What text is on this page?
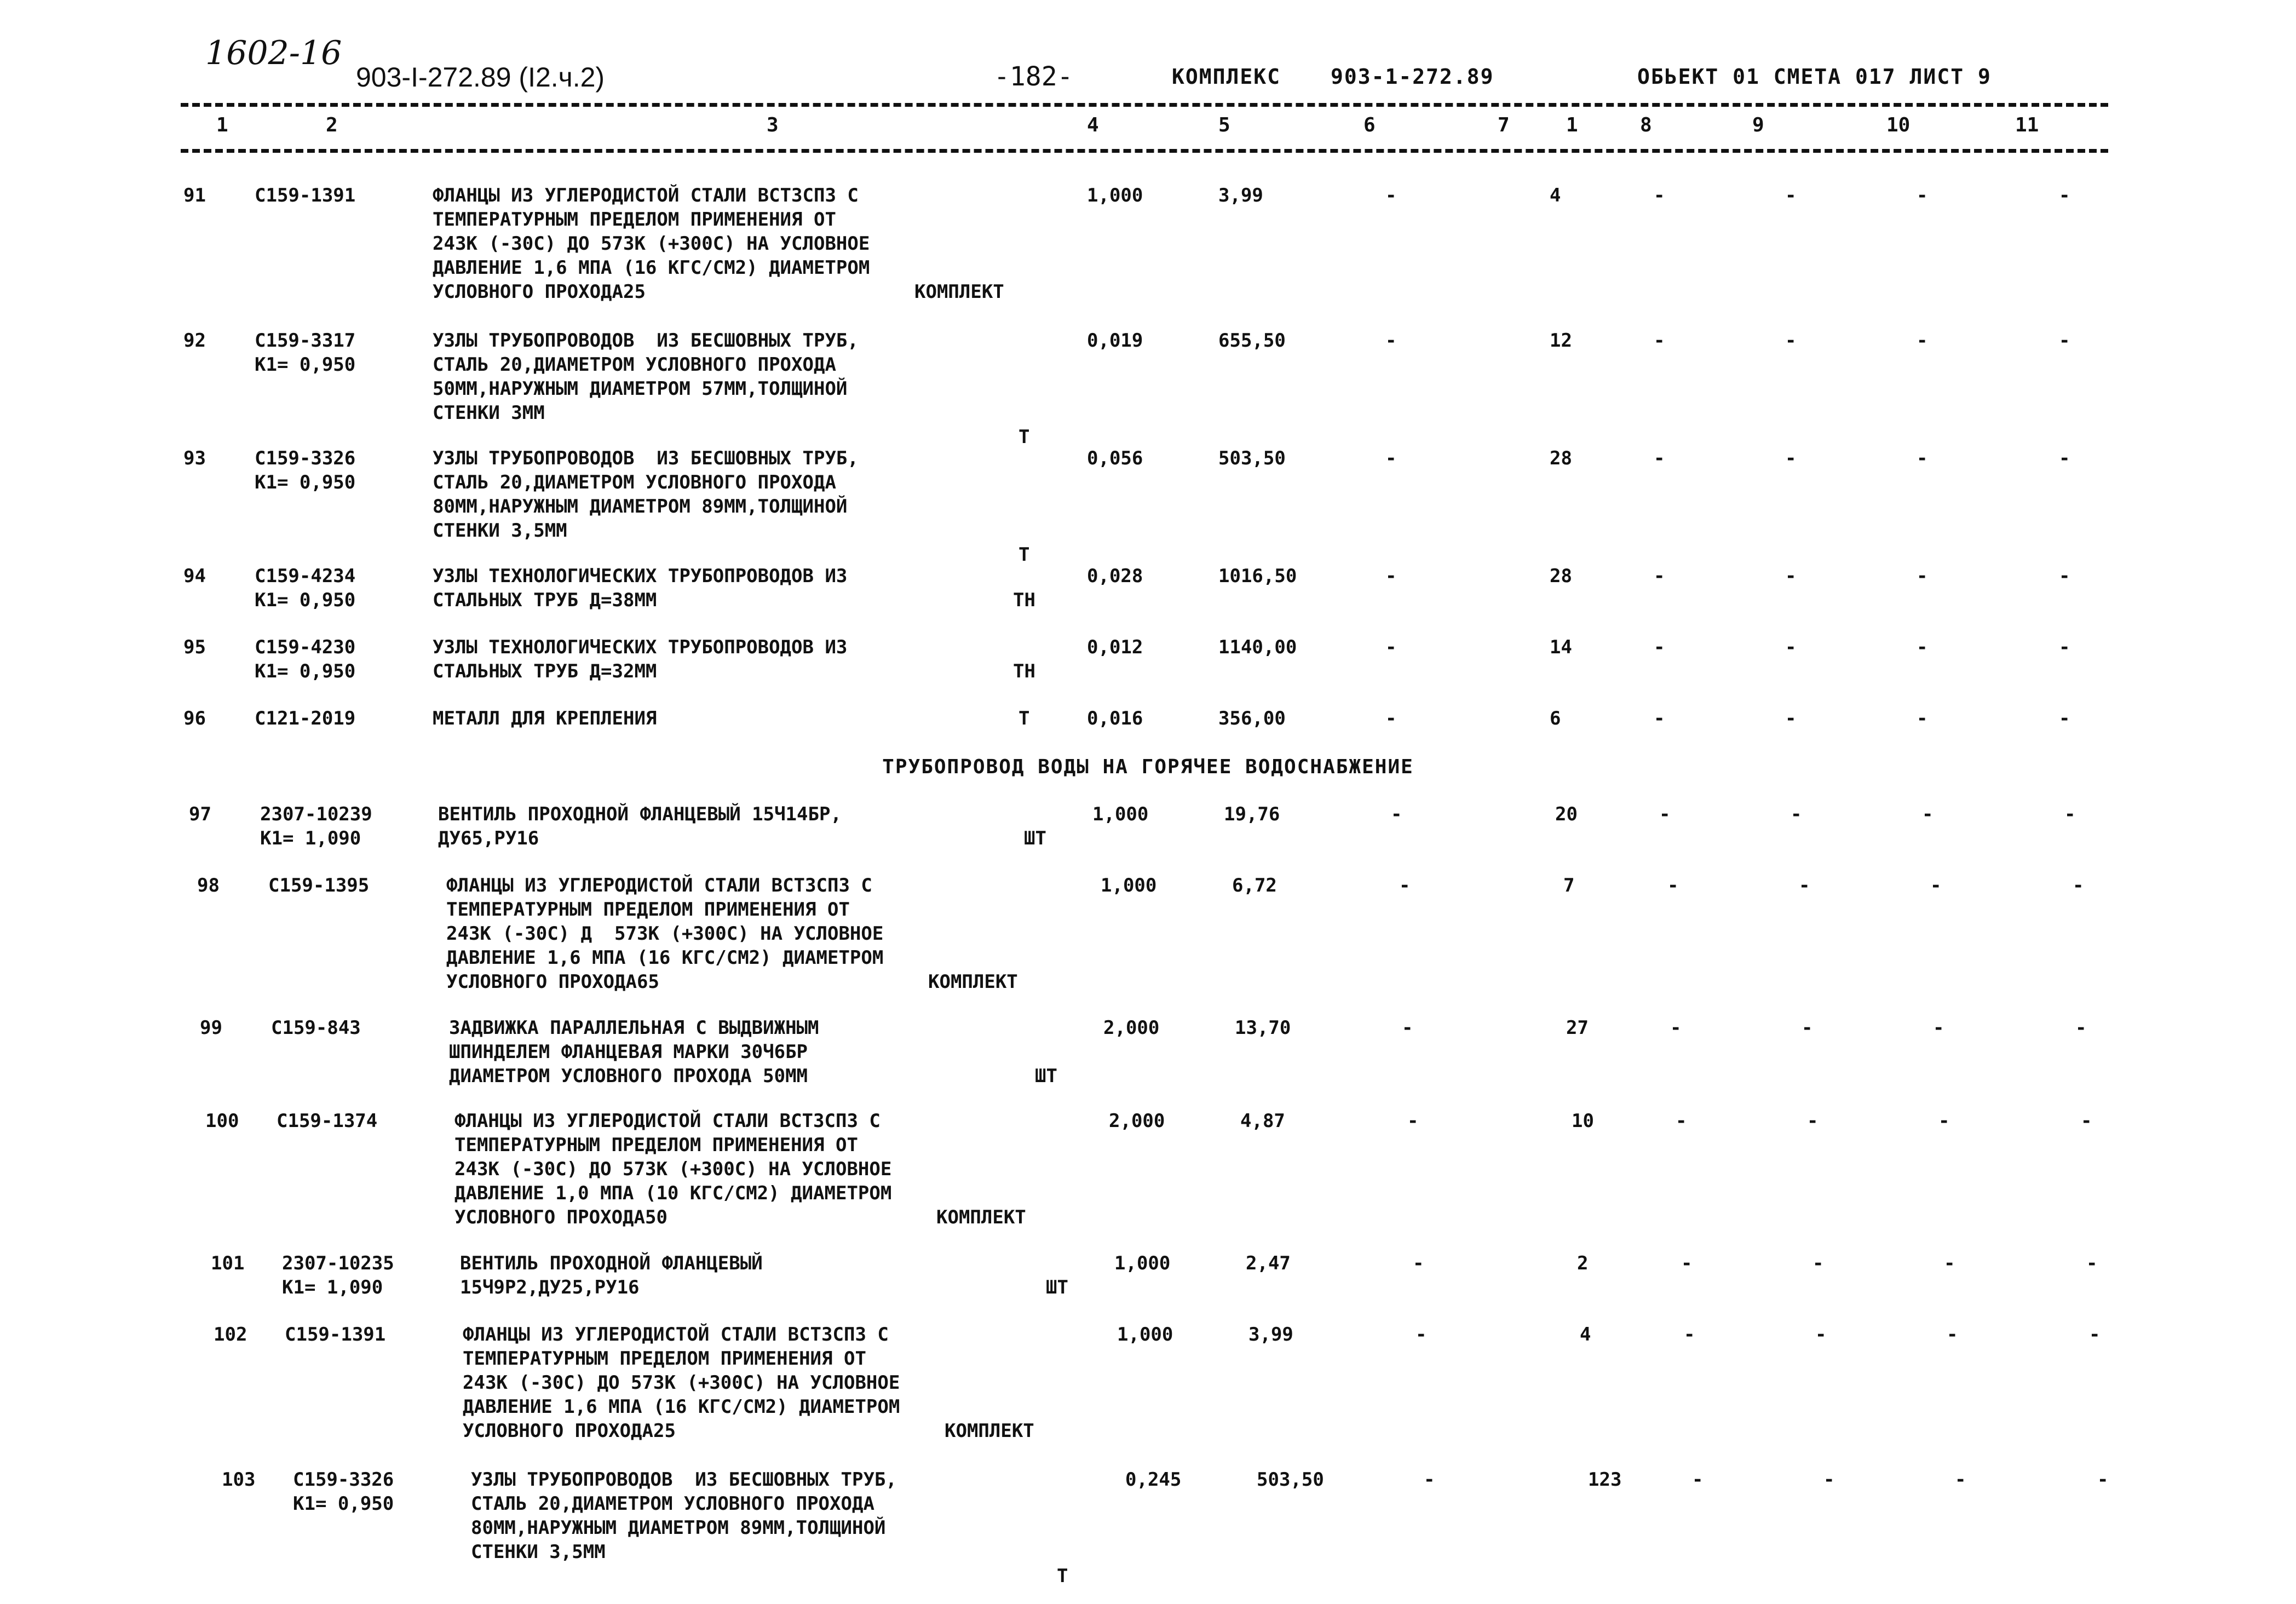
1602-16
903-I-272.89 (I2.ч.2)	-182-	КОМПЛЕКС 903-1-272.89	ОБЬЕКТ 01 СМЕТА 017 ЛИСТ 9
1	2	3	4	5	6	7	1	8	9	10	11
91	C159-1391	ФЛАНЦЫ ИЗ УГЛЕРОДИСТОЙ СТАЛИ ВСТЗСПЗ С
ТЕМПЕРАТУРНЫМ ПРЕДЕЛОМ ПРИМЕНЕНИЯ ОТ
243К (-30С) ДО 573К (+300С) НА УСЛОВНОЕ
ДАВЛЕНИЕ 1,6 МПА (16 КГС/СМ2) ДИАМЕТРОМ
УСЛОВНОГО ПРОХОДА25	КОМПЛЕКТ
1,000	3,99	-	4	-	-	-	-
92	C159-3317
К1= 0,950
УЗЛЫ ТРУБОПРОВОДОВ  ИЗ БЕСШОВНЫХ ТРУБ,
СТАЛЬ 20,ДИАМЕТРОМ УСЛОВНОГО ПРОХОДА
50ММ,НАРУЖНЫМ ДИАМЕТРОМ 57ММ,ТОЛЩИНОЙ
СТЕНКИ 3ММ
Т
0,019	655,50	-	12	-	-	-	-
93	C159-3326
К1= 0,950
УЗЛЫ ТРУБОПРОВОДОВ  ИЗ БЕСШОВНЫХ ТРУБ,
СТАЛЬ 20,ДИАМЕТРОМ УСЛОВНОГО ПРОХОДА
80ММ,НАРУЖНЫМ ДИАМЕТРОМ 89ММ,ТОЛЩИНОЙ
СТЕНКИ 3,5ММ
Т
0,056	503,50	-	28	-	-	-	-
94	C159-4234
К1= 0,950
УЗЛЫ ТЕХНОЛОГИЧЕСКИХ ТРУБОПРОВОДОВ ИЗ
СТАЛЬНЫХ ТРУБ Д=38ММ	ТН
0,028	1016,50	-	28	-	-	-	-
95	C159-4230
К1= 0,950
УЗЛЫ ТЕХНОЛОГИЧЕСКИХ ТРУБОПРОВОДОВ ИЗ
СТАЛЬНЫХ ТРУБ Д=32ММ	ТН
0,012	1140,00	-	14	-	-	-	-
96	C121-2019	МЕТАЛЛ ДЛЯ КРЕПЛЕНИЯ	Т	0,016	356,00	-	6	-	-	-	-
97	2307-10239
К1= 1,090
ВЕНТИЛЬ ПРОХОДНОЙ ФЛАНЦЕВЫЙ 15Ч14БР,
ДУ65,РУ16	ШТ
1,000	19,76	-	20	-	-	-	-
98	C159-1395	ФЛАНЦЫ ИЗ УГЛЕРОДИСТОЙ СТАЛИ ВСТЗСПЗ С
ТЕМПЕРАТУРНЫМ ПРЕДЕЛОМ ПРИМЕНЕНИЯ ОТ
243К (-30С) Д  573К (+300С) НА УСЛОВНОЕ
ДАВЛЕНИЕ 1,6 МПА (16 КГС/СМ2) ДИАМЕТРОМ
УСЛОВНОГО ПРОХОДА65	КОМПЛЕКТ
1,000	6,72	-	7	-	-	-	-
99	C159-843	ЗАДВИЖКА ПАРАЛЛЕЛЬНАЯ С ВЫДВИЖНЫМ
ШПИНДЕЛЕМ ФЛАНЦЕВАЯ МАРКИ 30Ч6БР
ДИАМЕТРОМ УСЛОВНОГО ПРОХОДА 50ММ	ШТ
2,000	13,70	-	27	-	-	-	-
100 C159-1374	ФЛАНЦЫ ИЗ УГЛЕРОДИСТОЙ СТАЛИ ВСТЗСПЗ С
ТЕМПЕРАТУРНЫМ ПРЕДЕЛОМ ПРИМЕНЕНИЯ ОТ
243К (-30С) ДО 573К (+300С) НА УСЛОВНОЕ
ДАВЛЕНИЕ 1,0 МПА (10 КГС/СМ2) ДИАМЕТРОМ
УСЛОВНОГО ПРОХОДА50	КОМПЛЕКТ
2,000	4,87	-	10	-	-	-	-
101 2307-10235
К1= 1,090
ВЕНТИЛЬ ПРОХОДНОЙ ФЛАНЦЕВЫЙ
15Ч9Р2,ДУ25,РУ16	ШТ
1,000	2,47	-	2	-	-	-	-
102 C159-1391	ФЛАНЦЫ ИЗ УГЛЕРОДИСТОЙ СТАЛИ ВСТЗСПЗ С
ТЕМПЕРАТУРНЫМ ПРЕДЕЛОМ ПРИМЕНЕНИЯ ОТ
243К (-30С) ДО 573К (+300С) НА УСЛОВНОЕ
ДАВЛЕНИЕ 1,6 МПА (16 КГС/СМ2) ДИАМЕТРОМ
УСЛОВНОГО ПРОХОДА25	КОМПЛЕКТ
1,000	3,99	-	4	-	-	-	-
103 C159-3326
К1= 0,950
УЗЛЫ ТРУБОПРОВОДОВ  ИЗ БЕСШОВНЫХ ТРУБ,
СТАЛЬ 20,ДИАМЕТРОМ УСЛОВНОГО ПРОХОДА
80ММ,НАРУЖНЫМ ДИАМЕТРОМ 89ММ,ТОЛЩИНОЙ
СТЕНКИ 3,5ММ
Т
0,245	503,50	-	123	-	-	-	-
ТРУБОПРОВОД ВОДЫ НА ГОРЯЧЕЕ ВОДОСНАБЖЕНИЕ
